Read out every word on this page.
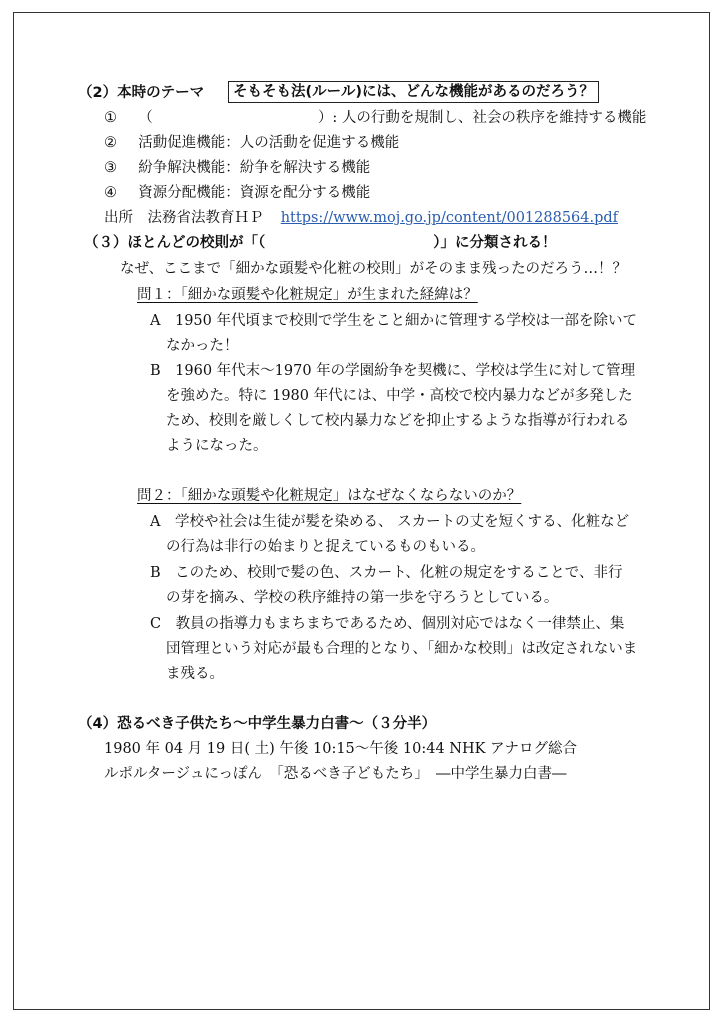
（2）本時のテーマ	そもそも法(ルール)には、どんな機能があるのだろう？
① （	）: 人の行動を規制し、社会の秩序を維持する機能
② 活動促進機能：人の活動を促進する機能
③ 紛争解決機能：紛争を解決する機能
④ 資源分配機能：資源を配分する機能
出所　法務省法教育ＨＰ https://www.moj.go.jp/content/001288564.pdf
（３）ほとんどの校則が「（	）」に分類される！
なぜ、ここまで「細かな頭髪や化粧の校則」がそのまま残ったのだろう…！？
問１：「細かな頭髪や化粧規定」が生まれた経緯は？
A　1950 年代頃まで校則で学生をこと細かに管理する学校は一部を除いて
なかった！
B　1960 年代末～1970 年の学園紛争を契機に、学校は学生に対して管理
を強めた。特に 1980 年代には、中学・高校で校内暴力などが多発した
ため、校則を厳しくして校内暴力などを抑止するような指導が行われる
ようになった。
問２：「細かな頭髪や化粧規定」はなぜなくならないのか？
A　学校や社会は生徒が髪を染める、 スカートの丈を短くする、化粧など
の行為は非行の始まりと捉えているものもいる。
B　このため、校則で髪の色、スカート、化粧の規定をすることで、非行
の芽を摘み、学校の秩序維持の第一歩を守ろうとしている。
C　教員の指導力もまちまちであるため、個別対応ではなく一律禁止、集
団管理という対応が最も合理的となり、「細かな校則」は改定されないま
ま残る。
（4）恐るべき子供たち～中学生暴力白書～（３分半）
1980 年 04 月 19 日( 土) 午後 10:15～午後 10:44 NHK アナログ総合
ルポルタージュにっぽん　「恐るべき子どもたち」　―中学生暴力白書―
